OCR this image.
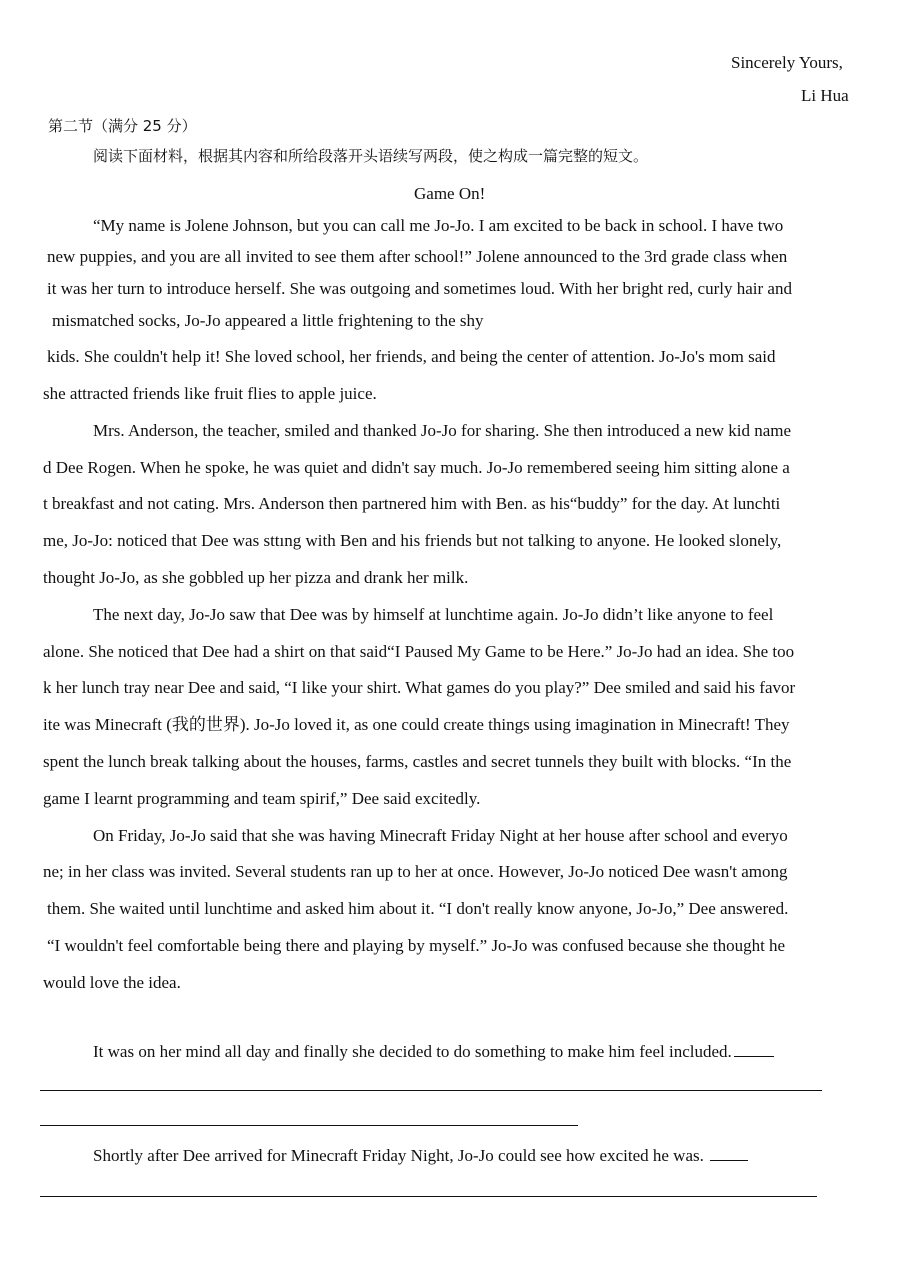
Sincerely Yours,
Li Hua
第二节（满分 25 分）
阅读下面材料，根据其内容和所给段落开头语续写两段，使之构成一篇完整的短文。
Game On!
“My name is Jolene Johnson, but you can call me Jo-Jo. I am excited to be back in school. I have two
new puppies, and you are all invited to see them after school!” Jolene announced to the 3rd grade class when
it was her turn to introduce herself. She was outgoing and sometimes loud. With her bright red, curly hair and
mismatched socks, Jo-Jo appeared a little frightening to the shy
kids. She couldn't help it! She loved school, her friends, and being the center of attention. Jo-Jo's mom said
she attracted friends like fruit flies to apple juice.
Mrs. Anderson, the teacher, smiled and thanked Jo-Jo for sharing. She then introduced a new kid name
d Dee Rogen. When he spoke, he was quiet and didn't say much. Jo-Jo remembered seeing him sitting alone a
t breakfast and not cating. Mrs. Anderson then partnered him with Ben. as his“buddy” for the day. At lunchti
me, Jo-Jo: noticed that Dee was sttıng with Ben and his friends but not talking to anyone. He looked slonely,
thought Jo-Jo, as she gobbled up her pizza and drank her milk.
The next day, Jo-Jo saw that Dee was by himself at lunchtime again. Jo-Jo didn’t like anyone to feel
alone. She noticed that Dee had a shirt on that said“I Paused My Game to be Here.” Jo-Jo had an idea. She too
k her lunch tray near Dee and said, “I like your shirt. What games do you play?” Dee smiled and said his favor
ite was Minecraft (我的世界). Jo-Jo loved it, as one could create things using imagination in Minecraft! They
spent the lunch break talking about the houses, farms, castles and secret tunnels they built with blocks. “In the
game I learnt programming and team spirif,” Dee said excitedly.
On Friday, Jo-Jo said that she was having Minecraft Friday Night at her house after school and everyo
ne; in her class was invited. Several students ran up to her at once. However, Jo-Jo noticed Dee wasn't among
them. She waited until lunchtime and asked him about it. “I don't really know anyone, Jo-Jo,” Dee answered.
“I wouldn't feel comfortable being there and playing by myself.” Jo-Jo was confused because she thought he
would love the idea.
It was on her mind all day and finally she decided to do something to make him feel included.
Shortly after Dee arrived for Minecraft Friday Night, Jo-Jo could see how excited he was.
